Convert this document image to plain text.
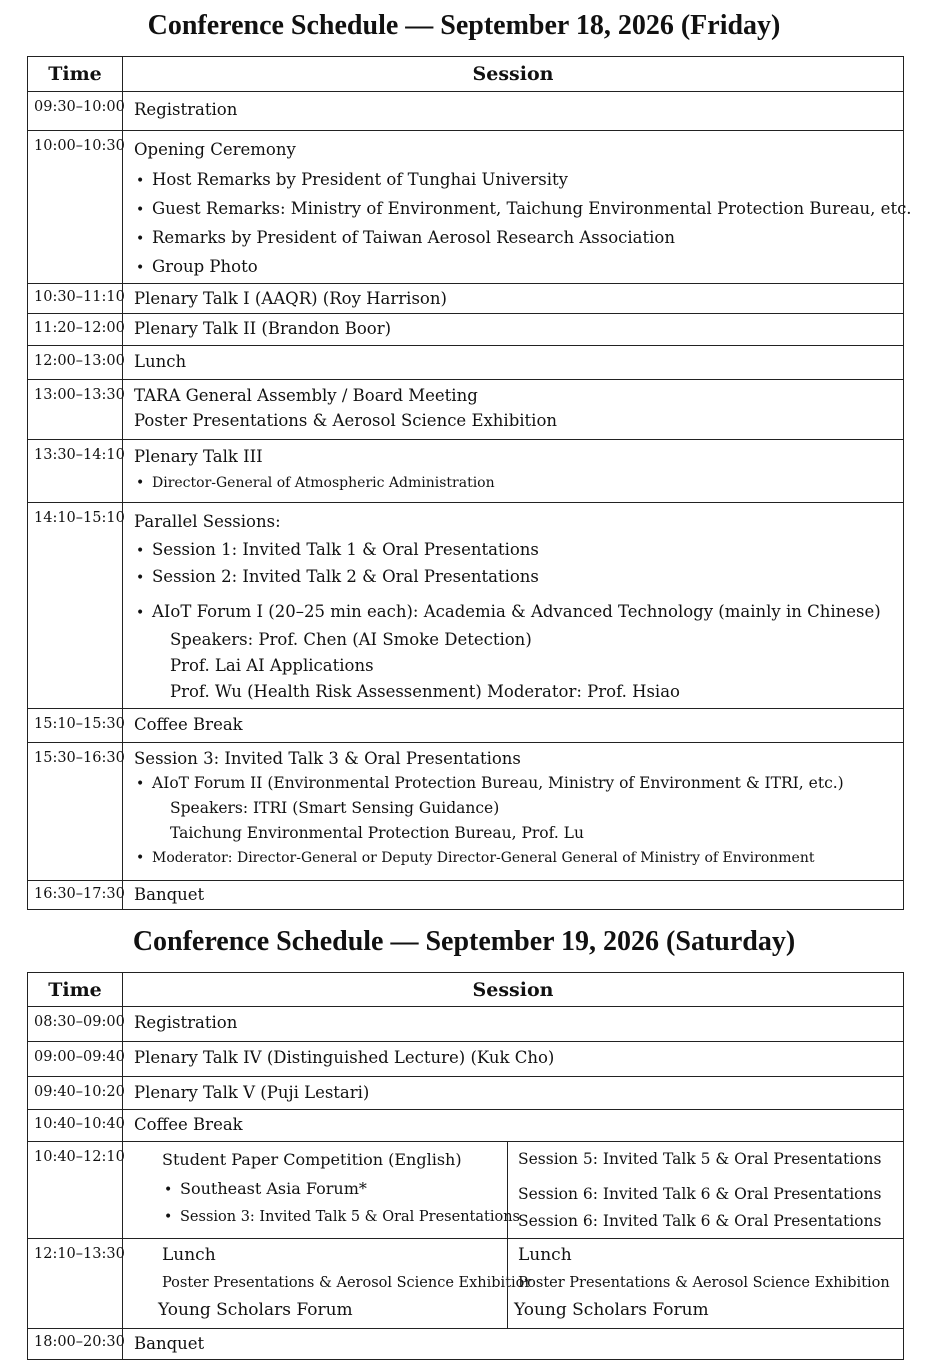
Conference Schedule — September 18, 2026 (Friday)
Time	Session
09:30–10:00 Registration
10:00–10:30 Opening Ceremony
• Host Remarks by President of Tunghai University
• Guest Remarks: Ministry of Environment, Taichung Environmental Protection Bureau, etc.
• Remarks by President of Taiwan Aerosol Research Association
• Group Photo
10:30–11:10 Plenary Talk I (AAQR) (Roy Harrison)
11:20–12:00 Plenary Talk II (Brandon Boor)
12:00–13:00 Lunch
13:00–13:30 TARA General Assembly / Board Meeting
Poster Presentations & Aerosol Science Exhibition
13:30–14:10 Plenary Talk III
• Director-General of Atmospheric Administration
14:10–15:10 Parallel Sessions:
• Session 1: Invited Talk 1 & Oral Presentations
• Session 2: Invited Talk 2 & Oral Presentations
• AIoT Forum I (20–25 min each): Academia & Advanced Technology (mainly in Chinese)
Speakers: Prof. Chen (AI Smoke Detection)
Prof. Lai AI Applications
Prof. Wu (Health Risk Assessenment) Moderator: Prof. Hsiao
15:10–15:30 Coffee Break
15:30–16:30 Session 3: Invited Talk 3 & Oral Presentations
• AIoT Forum II (Environmental Protection Bureau, Ministry of Environment & ITRI, etc.)
Speakers: ITRI (Smart Sensing Guidance)
Taichung Environmental Protection Bureau, Prof. Lu
• Moderator: Director-General or Deputy Director-General General of Ministry of Environment
16:30–17:30 Banquet
Conference Schedule — September 19, 2026 (Saturday)
Time	Session
08:30–09:00 Registration
09:00–09:40 Plenary Talk IV (Distinguished Lecture) (Kuk Cho)
09:40–10:20 Plenary Talk V (Puji Lestari)
10:40–10:40 Coffee Break
10:40–12:10 Student Paper Competition (English)
• Southeast Asia Forum*
• Session 3: Invited Talk 5 & Oral Presentations
Session 5: Invited Talk 5 & Oral Presentations
Session 6: Invited Talk 6 & Oral Presentations
Session 6: Invited Talk 6 & Oral Presentations
12:10–13:30 Lunch
Poster Presentations & Aerosol Science Exhibitior
Young Scholars Forum
Lunch
Poster Presentations & Aerosol Science Exhibition
Young Scholars Forum
18:00–20:30 Banquet
